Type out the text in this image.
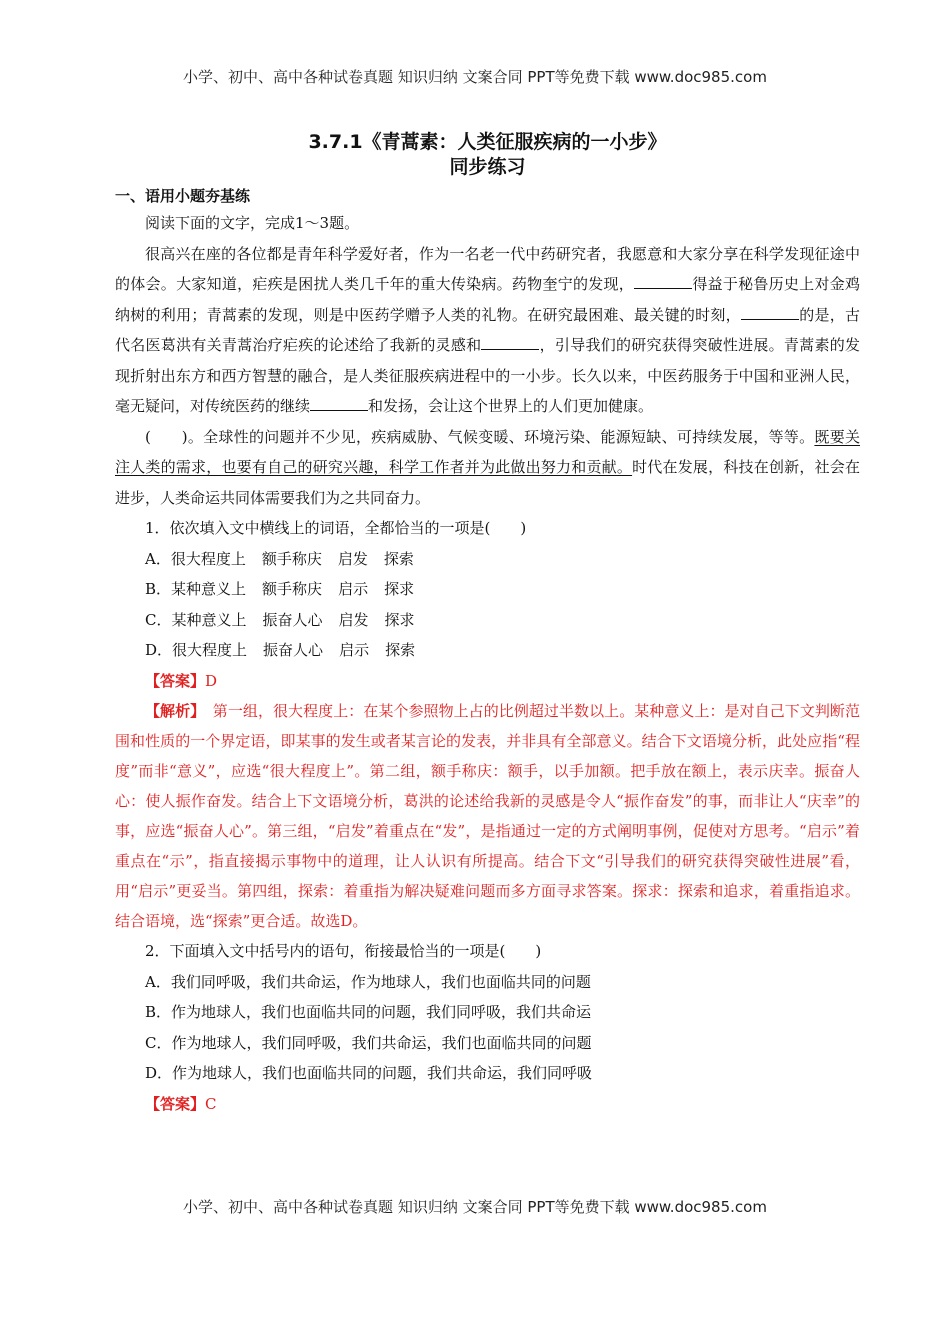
小学、初中、高中各种试卷真题 知识归纳 文案合同 PPT等免费下载 www.doc985.com
3.7.1《青蒿素：人类征服疾病的一小步》
同步练习
一、语用小题夯基练

阅读下面的文字，完成1～3题。

很高兴在座的各位都是青年科学爱好者，作为一名老一代中药研究者，我愿意和大家分享在科学发现征途中的体会。大家知道，疟疾是困扰人类几千年的重大传染病。药物奎宁的发现，	得益于秘鲁历史上对金鸡纳树的利用；青蒿素的发现，则是中医药学赠予人类的礼物。在研究最困难、最关键的时刻，	的是，古代名医葛洪有关青蒿治疗疟疾的论述给了我新的灵感和	，引导我们的研究获得突破性进展。青蒿素的发现折射出东方和西方智慧的融合，是人类征服疾病进程中的一小步。长久以来，中医药服务于中国和亚洲人民，毫无疑问，对传统医药的继续	和发扬，会让这个世界上的人们更加健康。

(　　)。全球性的问题并不少见，疾病威胁、气候变暖、环境污染、能源短缺、可持续发展，等等。既要关注人类的需求，也要有自己的研究兴趣，科学工作者并为此做出努力和贡献。时代在发展，科技在创新，社会在进步，人类命运共同体需要我们为之共同奋力。

1．依次填入文中横线上的词语，全都恰当的一项是(　　)
A．很大程度上 额手称庆 启发 探索
B．某种意义上 额手称庆 启示 探求
C．某种意义上 振奋人心 启发 探求
D．很大程度上 振奋人心 启示 探索
【答案】D

【解析】　 第一组，很大程度上：在某个参照物上占的比例超过半数以上。某种意义上：是对自己下文判断范围和性质的一个界定语，即某事的发生或者某言论的发表，并非具有全部意义。结合下文语境分析，此处应指“程度”而非“意义”，应选“很大程度上”。第二组，额手称庆：额手，以手加额。把手放在额上，表示庆幸。振奋人心：使人振作奋发。结合上下文语境分析，葛洪的论述给我新的灵感是令人“振作奋发”的事，而非让人“庆幸”的事，应选“振奋人心”。第三组，“启发”着重点在“发”，是指通过一定的方式阐明事例，促使对方思考。“启示”着重点在“示”，指直接揭示事物中的道理，让人认识有所提高。结合下文“引导我们的研究获得突破性进展”看，用“启示”更妥当。第四组，探索：着重指为解决疑难问题而多方面寻求答案。探求：探索和追求，着重指追求。结合语境，选“探索”更合适。故选D。

2．下面填入文中括号内的语句，衔接最恰当的一项是(　　)
A．我们同呼吸，我们共命运，作为地球人，我们也面临共同的问题
B．作为地球人，我们也面临共同的问题，我们同呼吸，我们共命运
C．作为地球人，我们同呼吸，我们共命运，我们也面临共同的问题
D．作为地球人，我们也面临共同的问题，我们共命运，我们同呼吸
【答案】C
小学、初中、高中各种试卷真题 知识归纳 文案合同 PPT等免费下载 www.doc985.com
